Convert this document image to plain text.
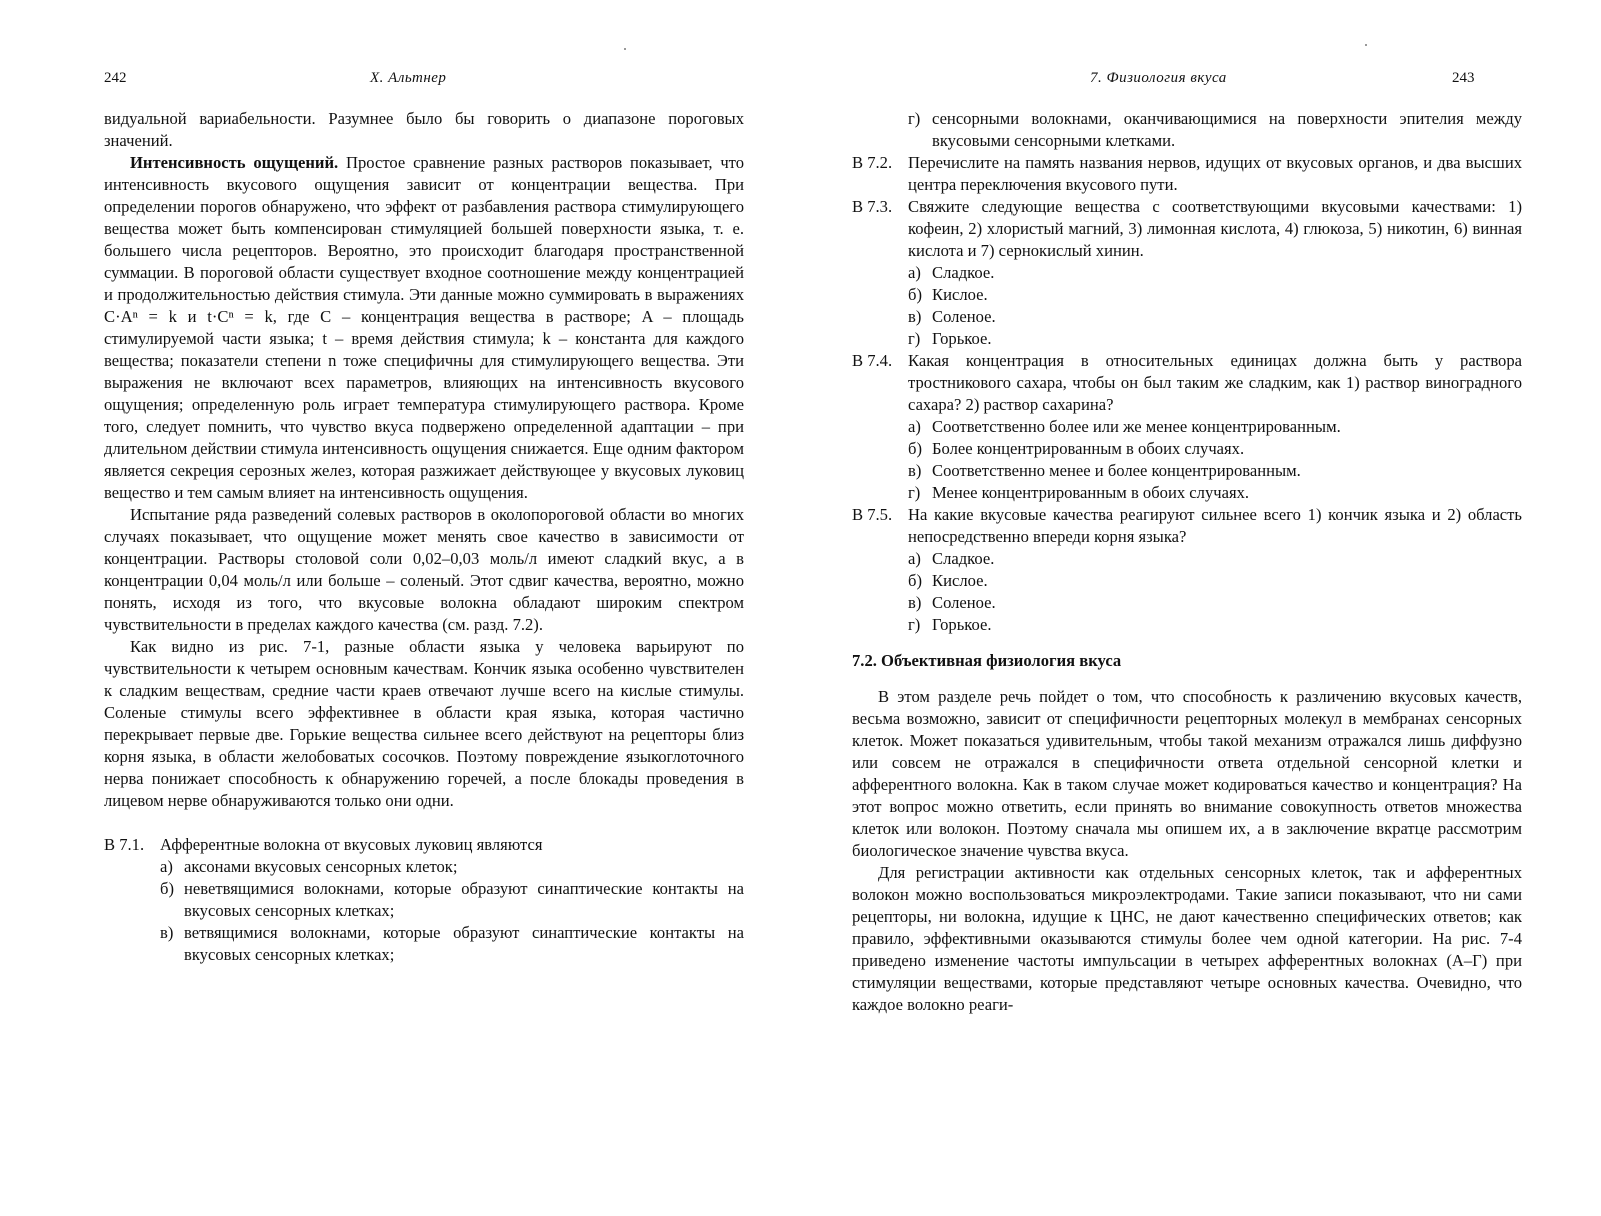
242	Х. Альтнер

видуальной вариабельности. Разумнее было бы говорить о диапазоне пороговых значений.

Интенсивность ощущений. Простое сравнение разных растворов показывает, что интенсивность вкусового ощущения зависит от концентрации вещества. При определении порогов обнаружено, что эффект от разбавления раствора стимулирующего вещества может быть компенсирован стимуляцией большей поверхности языка, т. е. большего числа рецепторов. Вероятно, это происходит благодаря пространственной суммации. В пороговой области существует входное соотношение между концентрацией и продолжительностью действия стимула. Эти данные можно суммировать в выражениях C·Aⁿ = k и t·Cⁿ = k, где C – концентрация вещества в растворе; A – площадь стимулируемой части языка; t – время действия стимула; k – константа для каждого вещества; показатели степени n тоже специфичны для стимулирующего вещества. Эти выражения не включают всех параметров, влияющих на интенсивность вкусового ощущения; определенную роль играет температура стимулирующего раствора. Кроме того, следует помнить, что чувство вкуса подвержено определенной адаптации – при длительном действии стимула интенсивность ощущения снижается. Еще одним фактором является секреция серозных желез, которая разжижает действующее у вкусовых луковиц вещество и тем самым влияет на интенсивность ощущения.

Испытание ряда разведений солевых растворов в околопороговой области во многих случаях показывает, что ощущение может менять свое качество в зависимости от концентрации. Растворы столовой соли 0,02–0,03 моль/л имеют сладкий вкус, а в концентрации 0,04 моль/л или больше – соленый. Этот сдвиг качества, вероятно, можно понять, исходя из того, что вкусовые волокна обладают широким спектром чувствительности в пределах каждого качества (см. разд. 7.2).

Как видно из рис. 7-1, разные области языка у человека варьируют по чувствительности к четырем основным качествам. Кончик языка особенно чувствителен к сладким веществам, средние части краев отвечают лучше всего на кислые стимулы. Соленые стимулы всего эффективнее в области края языка, которая частично перекрывает первые две. Горькие вещества сильнее всего действуют на рецепторы близ корня языка, в области желобоватых сосочков. Поэтому повреждение языкоглоточного нерва понижает способность к обнаружению горечей, а после блокады проведения в лицевом нерве обнаруживаются только они одни.

В 7.1. Афферентные волокна от вкусовых луковиц являются
а) аксонами вкусовых сенсорных клеток;
б) неветвящимися волокнами, которые образуют синаптические контакты на вкусовых сенсорных клетках;
в) ветвящимися волокнами, которые образуют синаптические контакты на вкусовых сенсорных клетках;
7. Физиология вкуса	243
г) сенсорными волокнами, оканчивающимися на поверхности эпителия между вкусовыми сенсорными клетками.
В 7.2. Перечислите на память названия нервов, идущих от вкусовых органов, и два высших центра переключения вкусового пути.
В 7.3. Свяжите следующие вещества с соответствующими вкусовыми качествами: 1) кофеин, 2) хлористый магний, 3) лимонная кислота, 4) глюкоза, 5) никотин, 6) винная кислота и 7) сернокислый хинин.
а) Сладкое.
б) Кислое.
в) Соленое.
г) Горькое.
В 7.4. Какая концентрация в относительных единицах должна быть у раствора тростникового сахара, чтобы он был таким же сладким, как 1) раствор виноградного сахара? 2) раствор сахарина?
а) Соответственно более или же менее концентрированным.
б) Более концентрированным в обоих случаях.
в) Соответственно менее и более концентрированным.
г) Менее концентрированным в обоих случаях.
В 7.5. На какие вкусовые качества реагируют сильнее всего 1) кончик языка и 2) область непосредственно впереди корня языка?
а) Сладкое.
б) Кислое.
в) Соленое.
г) Горькое.

7.2. Объективная физиология вкуса

В этом разделе речь пойдет о том, что способность к различению вкусовых качеств, весьма возможно, зависит от специфичности рецепторных молекул в мембранах сенсорных клеток. Может показаться удивительным, чтобы такой механизм отражался лишь диффузно или совсем не отражался в специфичности ответа отдельной сенсорной клетки и афферентного волокна. Как в таком случае может кодироваться качество и концентрация? На этот вопрос можно ответить, если принять во внимание совокупность ответов множества клеток или волокон. Поэтому сначала мы опишем их, а в заключение вкратце рассмотрим биологическое значение чувства вкуса.

Для регистрации активности как отдельных сенсорных клеток, так и афферентных волокон можно воспользоваться микроэлектродами. Такие записи показывают, что ни сами рецепторы, ни волокна, идущие к ЦНС, не дают качественно специфических ответов; как правило, эффективными оказываются стимулы более чем одной категории. На рис. 7-4 приведено изменение частоты импульсации в четырех афферентных волокнах (А–Г) при стимуляции веществами, которые представляют четыре основных качества. Очевидно, что каждое волокно реаги-
